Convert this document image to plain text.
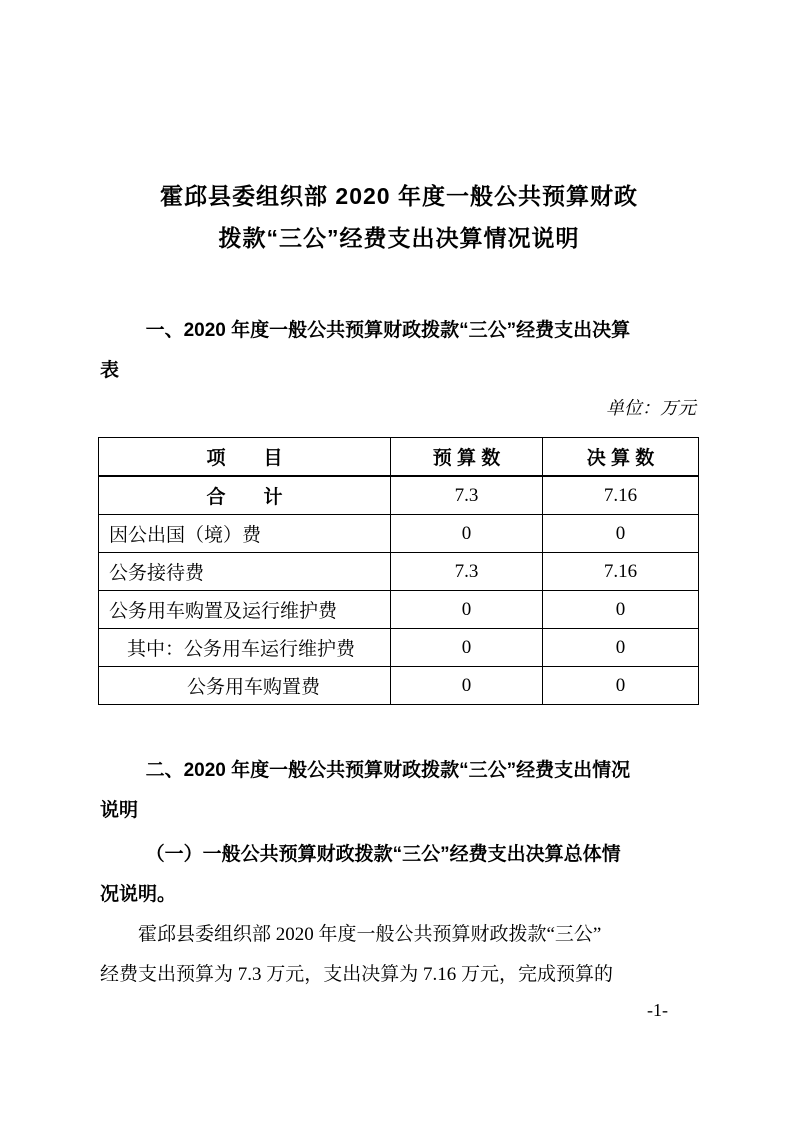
霍邱县委组织部 2020 年度一般公共预算财政
拨款“三公”经费支出决算情况说明
一、2020 年度一般公共预算财政拨款“三公”经费支出决算
表
单位：万元
项　　目	预 算 数	决 算 数
合　　计	7.3	7.16
因公出国（境）费	0	0
公务接待费	7.3	7.16
公务用车购置及运行维护费	0	0
其中：公务用车运行维护费	0	0
公务用车购置费	0	0
二、2020 年度一般公共预算财政拨款“三公”经费支出情况
说明
（一）一般公共预算财政拨款“三公”经费支出决算总体情
况说明。
霍邱县委组织部 2020 年度一般公共预算财政拨款“三公”
经费支出预算为 7.3 万元，支出决算为 7.16 万元，完成预算的
-1-
